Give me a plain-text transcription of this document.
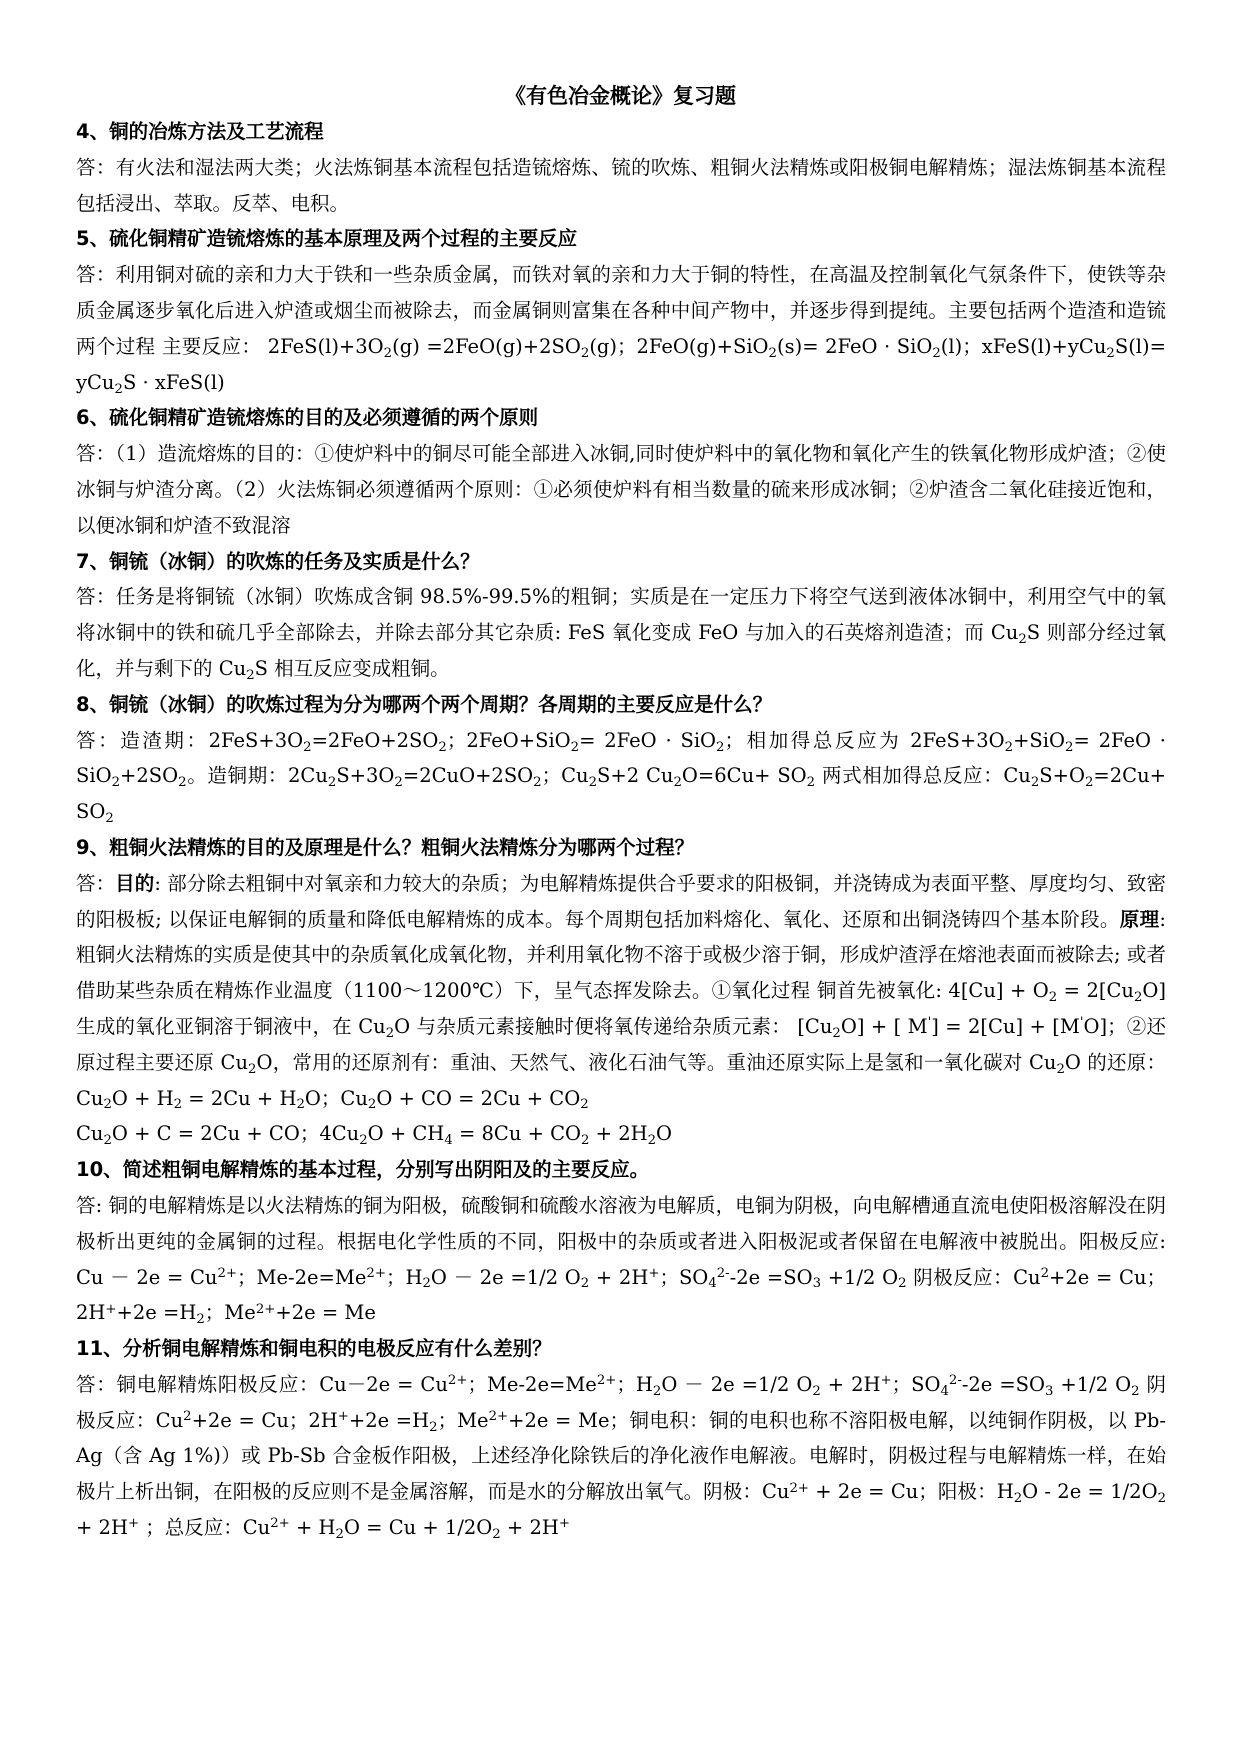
《有色冶金概论》复习题
4、铜的冶炼方法及工艺流程
答：有火法和湿法两大类；火法炼铜基本流程包括造锍熔炼、锍的吹炼、粗铜火法精炼或阳极铜电解精炼；湿法炼铜基本流程包括浸出、萃取。反萃、电积。
5、硫化铜精矿造锍熔炼的基本原理及两个过程的主要反应
答：利用铜对硫的亲和力大于铁和一些杂质金属，而铁对氧的亲和力大于铜的特性，在高温及控制氧化气氛条件下，使铁等杂质金属逐步氧化后进入炉渣或烟尘而被除去，而金属铜则富集在各种中间产物中，并逐步得到提纯。主要包括两个造渣和造锍两个过程 主要反应： $2FeS(l)+3O_2(g) =2FeO(g)+2SO_2(g)$；2FeO(g)+SiO$_2$(s)= 2FeO · SiO$_2$(l)；xFeS(l)+yCu$_2$S(l)= yCu$_2$S · xFeS(l)
6、硫化铜精矿造锍熔炼的目的及必须遵循的两个原则
答：（1）造流熔炼的目的：①使炉料中的铜尽可能全部进入冰铜,同时使炉料中的氧化物和氧化产生的铁氧化物形成炉渣；②使冰铜与炉渣分离。（2）火法炼铜必须遵循两个原则：①必须使炉料有相当数量的硫来形成冰铜；②炉渣含二氧化硅接近饱和，以便冰铜和炉渣不致混溶
7、铜锍（冰铜）的吹炼的任务及实质是什么？
答：任务是将铜锍（冰铜）吹炼成含铜 98.5%-99.5%的粗铜；实质是在一定压力下将空气送到液体冰铜中，利用空气中的氧将冰铜中的铁和硫几乎全部除去，并除去部分其它杂质: FeS 氧化变成 FeO 与加入的石英熔剂造渣；而 $Cu_2S$ 则部分经过氧化，并与剩下的 $Cu_2S$ 相互反应变成粗铜。
8、铜锍（冰铜）的吹炼过程为分为哪两个两个周期？各周期的主要反应是什么？
答：造渣期：$2FeS+3O_2=2FeO+2SO_2$；2FeO+SiO$_2$= 2FeO · SiO$_2$；相加得总反应为 $2FeS+3O_2+SiO_2= 2FeO \cdot SiO_2+2SO_2$。造铜期：$2Cu_2S+3O_2=2CuO+2SO_2$；$Cu_2S+2$ $Cu_2O=6Cu+ SO_2$ 两式相加得总反应：$Cu_2S+O_2=2Cu+ SO_2$
9、粗铜火法精炼的目的及原理是什么？粗铜火法精炼分为哪两个过程？
答：目的: 部分除去粗铜中对氧亲和力较大的杂质；为电解精炼提供合乎要求的阳极铜，并浇铸成为表面平整、厚度均匀、致密的阳极板; 以保证电解铜的质量和降低电解精炼的成本。每个周期包括加料熔化、氧化、还原和出铜浇铸四个基本阶段。原理: 粗铜火法精炼的实质是使其中的杂质氧化成氧化物，并利用氧化物不溶于或极少溶于铜，形成炉渣浮在熔池表面而被除去; 或者借助某些杂质在精炼作业温度（1100～1200℃）下，呈气态挥发除去。①氧化过程 铜首先被氧化: $4[Cu] + O_2 = 2[Cu_2O]$ 生成的氧化亚铜溶于铜液中，在 $Cu_2O$ 与杂质元素接触时便将氧传递给杂质元素： $[Cu_2O]$ + [ M'] = 2[Cu] + [M'O]；②还原过程主要还原 $Cu_2O$，常用的还原剂有：重油、天然气、液化石油气等。重油还原实际上是氢和一氧化碳对 $Cu_2O$ 的还原：$Cu_2O + H_2 = 2Cu + H_2O$；$Cu_2O$ + CO = $2Cu + CO_2$
$Cu_2O + C = 2Cu$ + CO；$4Cu_2O + CH_4 = 8Cu + CO_2 + 2H_2O$
10、简述粗铜电解精炼的基本过程，分别写出阴阳及的主要反应。
答: 铜的电解精炼是以火法精炼的铜为阳极，硫酸铜和硫酸水溶液为电解质，电铜为阴极，向电解槽通直流电使阳极溶解没在阴极析出更纯的金属铜的过程。根据电化学性质的不同，阳极中的杂质或者进入阳极泥或者保留在电解液中被脱出。阳极反应: $Cu - 2e = Cu^{2+}$；$Me-2e=Me^{2+}$；$H_2O - 2e =1/2$ $O_2 + 2H^+$；$SO_4^{2-}-2e =SO_3 +1/2$ $O_2$ 阴极反应：$Cu^2+2e = Cu$；$2H^++2e =H_2$；$Me^{2+}+2e = Me$
11、分析铜电解精炼和铜电积的电极反应有什么差别？
答：铜电解精炼阳极反应：$Cu-2e = Cu^{2+}$；$Me-2e=Me^{2+}$；$H_2O - 2e =1/2$ $O_2 + 2H^+$；$SO_4^{2-}-2e =SO_3 +1/2$ $O_2$ 阴极反应：$Cu^2+2e = Cu$；$2H^++2e =H_2$；$Me^{2+}+2e = Me$；铜电积：铜的电积也称不溶阳极电解，以纯铜作阴极，以 Pb-Ag（含 Ag 1%)）或 Pb-Sb 合金板作阳极，上述经净化除铁后的净化液作电解液。电解时，阴极过程与电解精炼一样，在始极片上析出铜，在阳极的反应则不是金属溶解，而是水的分解放出氧气。阴极：$Cu^{2+} + 2e = Cu$；阳极：$H_2O - 2e = 1/2O_2 + 2H^+$ ；总反应：$Cu^{2+} + H_2O = Cu + 1/2O_2 + 2H^+$
